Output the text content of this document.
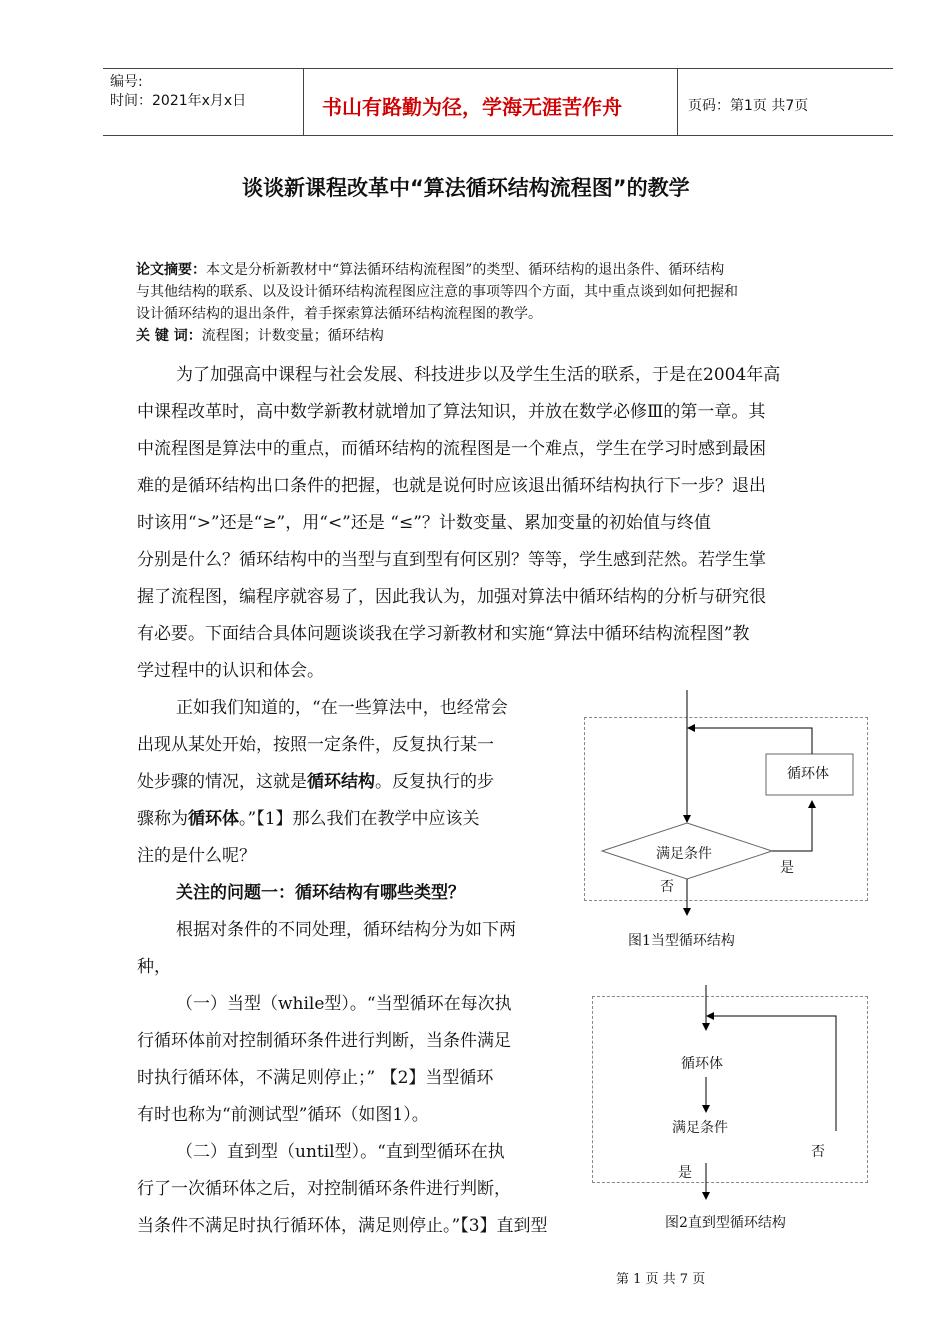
编号:
时间：2021年x月x日	书山有路勤为径，学海无涯苦作舟	页码：第1页 共7页
谈谈新课程改革中“算法循环结构流程图”的教学
论文摘要：本文是分析新教材中“算法循环结构流程图”的类型、循环结构的退出条件、循环结构
与其他结构的联系、以及设计循环结构流程图应注意的事项等四个方面，其中重点谈到如何把握和
设计循环结构的退出条件，着手探索算法循环结构流程图的教学。
关 键 词：流程图；计数变量；循环结构
为了加强高中课程与社会发展、科技进步以及学生生活的联系，于是在2004年高
中课程改革时，高中数学新教材就增加了算法知识，并放在数学必修Ⅲ的第一章。其
中流程图是算法中的重点，而循环结构的流程图是一个难点，学生在学习时感到最困
难的是循环结构出口条件的把握，也就是说何时应该退出循环结构执行下一步？退出
时该用“>”还是“≥”，用“<”还是 “≤”？计数变量、累加变量的初始值与终值
分别是什么？循环结构中的当型与直到型有何区别？等等，学生感到茫然。若学生掌
握了流程图，编程序就容易了，因此我认为，加强对算法中循环结构的分析与研究很
有必要。下面结合具体问题谈谈我在学习新教材和实施“算法中循环结构流程图”教
学过程中的认识和体会。
正如我们知道的，“在一些算法中，也经常会
出现从某处开始，按照一定条件，反复执行某一
处步骤的情况，这就是循环结构。反复执行的步
骤称为循环体。”【1】那么我们在教学中应该关
注的是什么呢？
关注的问题一：循环结构有哪些类型？
根据对条件的不同处理，循环结构分为如下两
种，
（一）当型（while型）。“当型循环在每次执
行循环体前对控制循环条件进行判断，当条件满足
时执行循环体，不满足则停止；” 【2】当型循环
有时也称为“前测试型”循环（如图1）。
（二）直到型（until型）。“直到型循环在执
行了一次循环体之后，对控制循环条件进行判断，
当条件不满足时执行循环体，满足则停止。”【3】直到型
循环体
满足条件
是
否
图1当型循环结构
循环体
满足条件
否
是
图2直到型循环结构
第 1 页 共 7 页
